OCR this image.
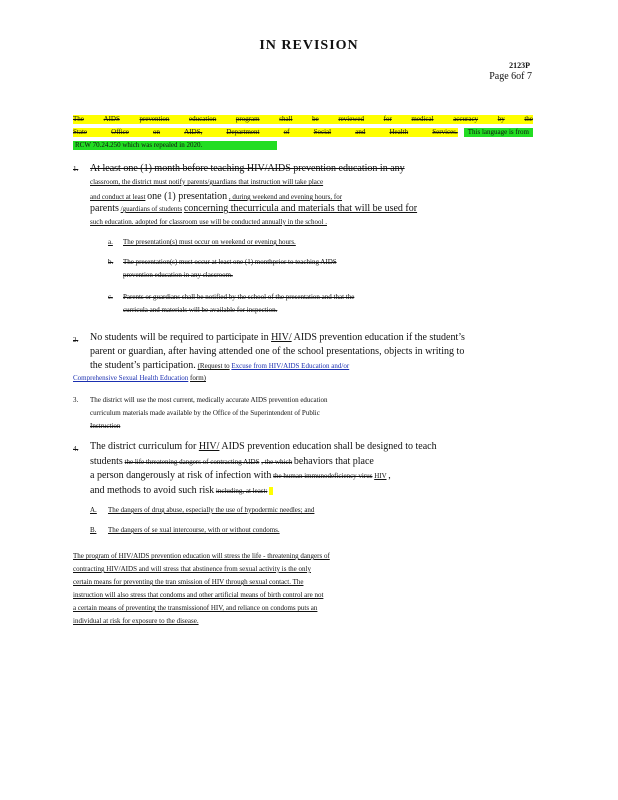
IN REVISION
2123P
Page 6of 7
The	AIDS	prevention	education	program	shall	be	reviewed	for	medical	accuracy	by	the
State	Office	on	AIDS,	Department	of	Social	and	Health	Services.	This language is from
RCW 70.24.250 which was repealed in 2020.
1. At least one (1) month before teaching HIV/AIDS prevention education in any
classroom, the district must notify parents/guardians that instruction will take place
and conduct at least one (1) presentation , during weekend and evening hours, for
parents /guardians of students concerning thecurricula and materials that will be used for
such education. adopted for classroom use will be conducted annually in the school .
a. The presentation(s) must occur on weekend or evening hours.
b. The presentation(s) must occur at least one (1) monthprior to teaching AIDS
prevention education in any classroom.
c. Parents or guardians shall be notified by the school of the presentation and that the
curricula and materials will be available for inspection.
2. No students will be required to participate in HIV/ AIDS prevention education if the student’s
parent or guardian, after having attended one of the school presentations, objects in writing to
the student’s participation. (Request to Excuse from HIV/AIDS Education and/or
Comprehensive Sexual Health Education form)
3. The district will use the most current, medically accurate AIDS prevention education
curriculum materials made available by the Office of the Superintendent of Public
Instruction
4. The district curriculum for HIV/ AIDS prevention education shall be designed to teach
students the life threatening dangers of contracting AIDS , the which behaviors that place
a person dangerously at risk of infection with the human immunodeficiency virus HIV ,
and methods to avoid such risk including, at least:
A. The dangers of drug abuse, especially the use of hypodermic needles; and
B. The dangers of se xual intercourse, with or without condoms.
The program of HIV/AIDS prevention education will stress the life - threatening dangers of
contracting HIV/AIDS and will stress that abstinence from sexual activity is the only
certain means for preventing the tran smission of HIV through sexual contact. The
instruction will also stress that condoms and other artificial means of birth control are not
a certain means of preventing the transmissionof HIV, and reliance on condoms puts an
individual at risk for exposure to the disease.
